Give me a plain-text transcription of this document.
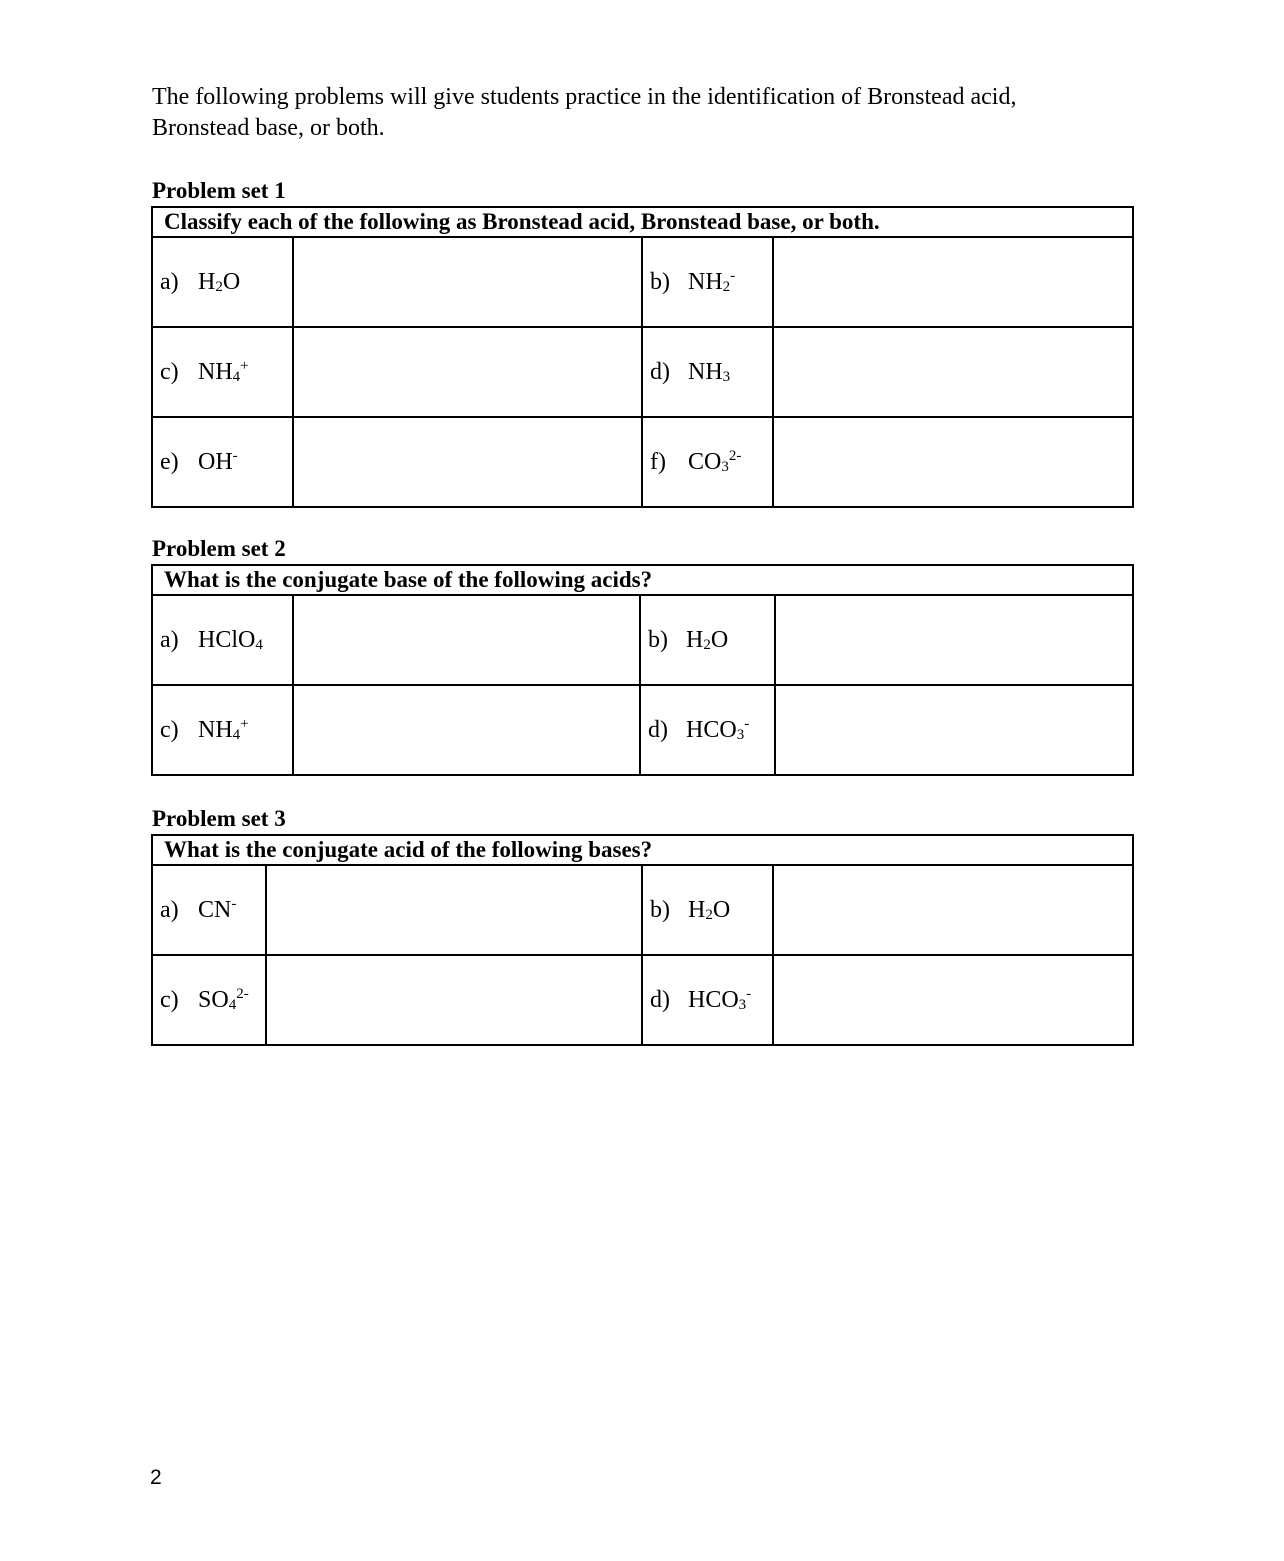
The following problems will give students practice in the identification of Bronstead acid, Bronstead base, or both.

Problem set 1

Classify each of the following as Bronstead acid, Bronstead base, or both.
a) $H_2O$	b) $NH_2^-$
c) $NH_4^+$	d) $NH_3$
e) OH-	f) $CO_3^{2-}$

Problem set 2

What is the conjugate base of the following acids?
a) HClO$_4$	b) $H_2O$
c) $NH_4^+$	d) $HCO_3^-$

Problem set 3

What is the conjugate acid of the following bases?
a) CN-	b) $H_2O$
c) $SO_4^{2-}$	d) $HCO_3^-$
2
